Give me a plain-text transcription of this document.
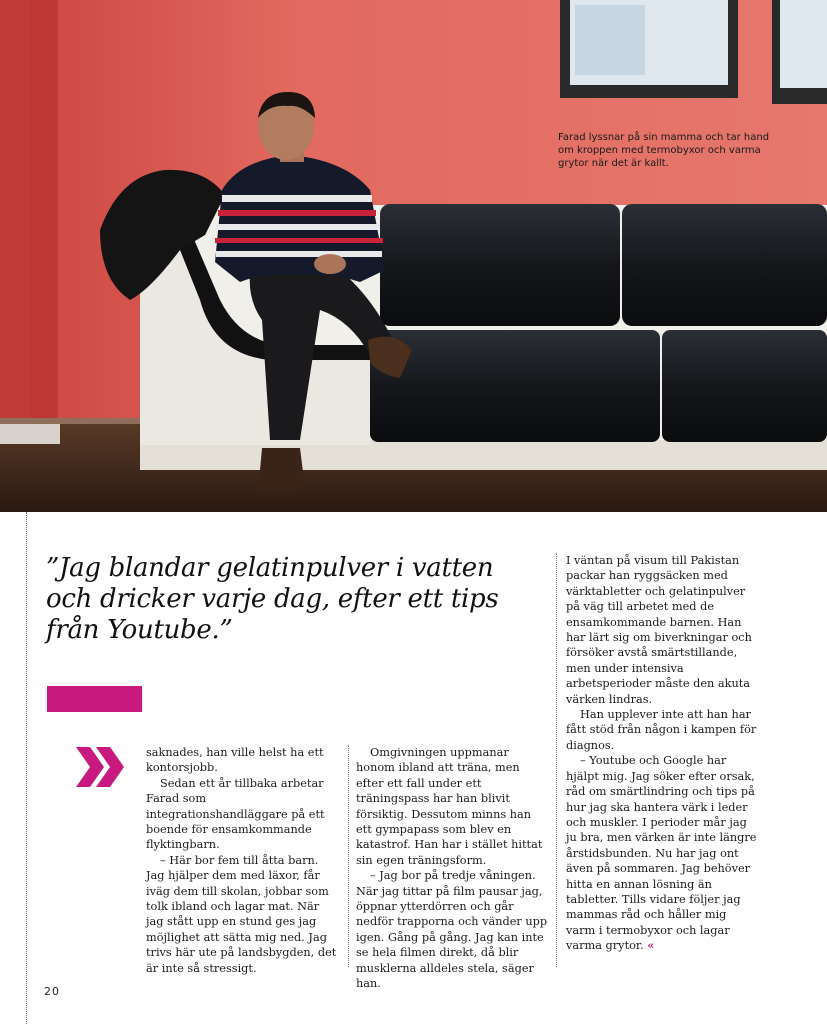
Farad lyssnar på sin mamma och tar hand om kroppen med termobyxor och varma grytor när det är kallt.
”Jag blandar gelatinpulver i vatten och dricker varje dag, efter ett tips från Youtube.”

saknades, han ville helst ha ett kontorsjobb.

Sedan ett år tillbaka arbetar Farad som integrationshandläggare på ett boende för ensamkommande flyktingbarn.

– Här bor fem till åtta barn. Jag hjälper dem med läxor, får iväg dem till skolan, jobbar som tolk ibland och lagar mat. När jag stått upp en stund ges jag möjlighet att sätta mig ned. Jag trivs här ute på landsbygden, det är inte så stressigt.

Omgivningen uppmanar honom ibland att träna, men efter ett fall under ett träningspass har han blivit försiktig. Dessutom minns han ett gympapass som blev en katastrof. Han har i stället hittat sin egen träningsform.

– Jag bor på tredje våningen. När jag tittar på film pausar jag, öppnar ytterdörren och går nedför trapporna och vänder upp igen. Gång på gång. Jag kan inte se hela filmen direkt, då blir musklerna alldeles stela, säger han.

I väntan på visum till Pakistan packar han ryggsäcken med värktabletter och gelatinpulver på väg till arbetet med de ensamkommande barnen. Han har lärt sig om biverkningar och försöker avstå smärtstillande, men under intensiva arbetsperioder måste den akuta värken lindras.

Han upplever inte att han har fått stöd från någon i kampen för diagnos.

– Youtube och Google har hjälpt mig. Jag söker efter orsak, råd om smärtlindring och tips på hur jag ska hantera värk i leder och muskler. I perioder mår jag ju bra, men värken är inte längre årstidsbunden. Nu har jag ont även på sommaren. Jag behöver hitta en annan lösning än tabletter. Tills vidare följer jag mammas råd och håller mig varm i termobyxor och lagar varma grytor. «

20
